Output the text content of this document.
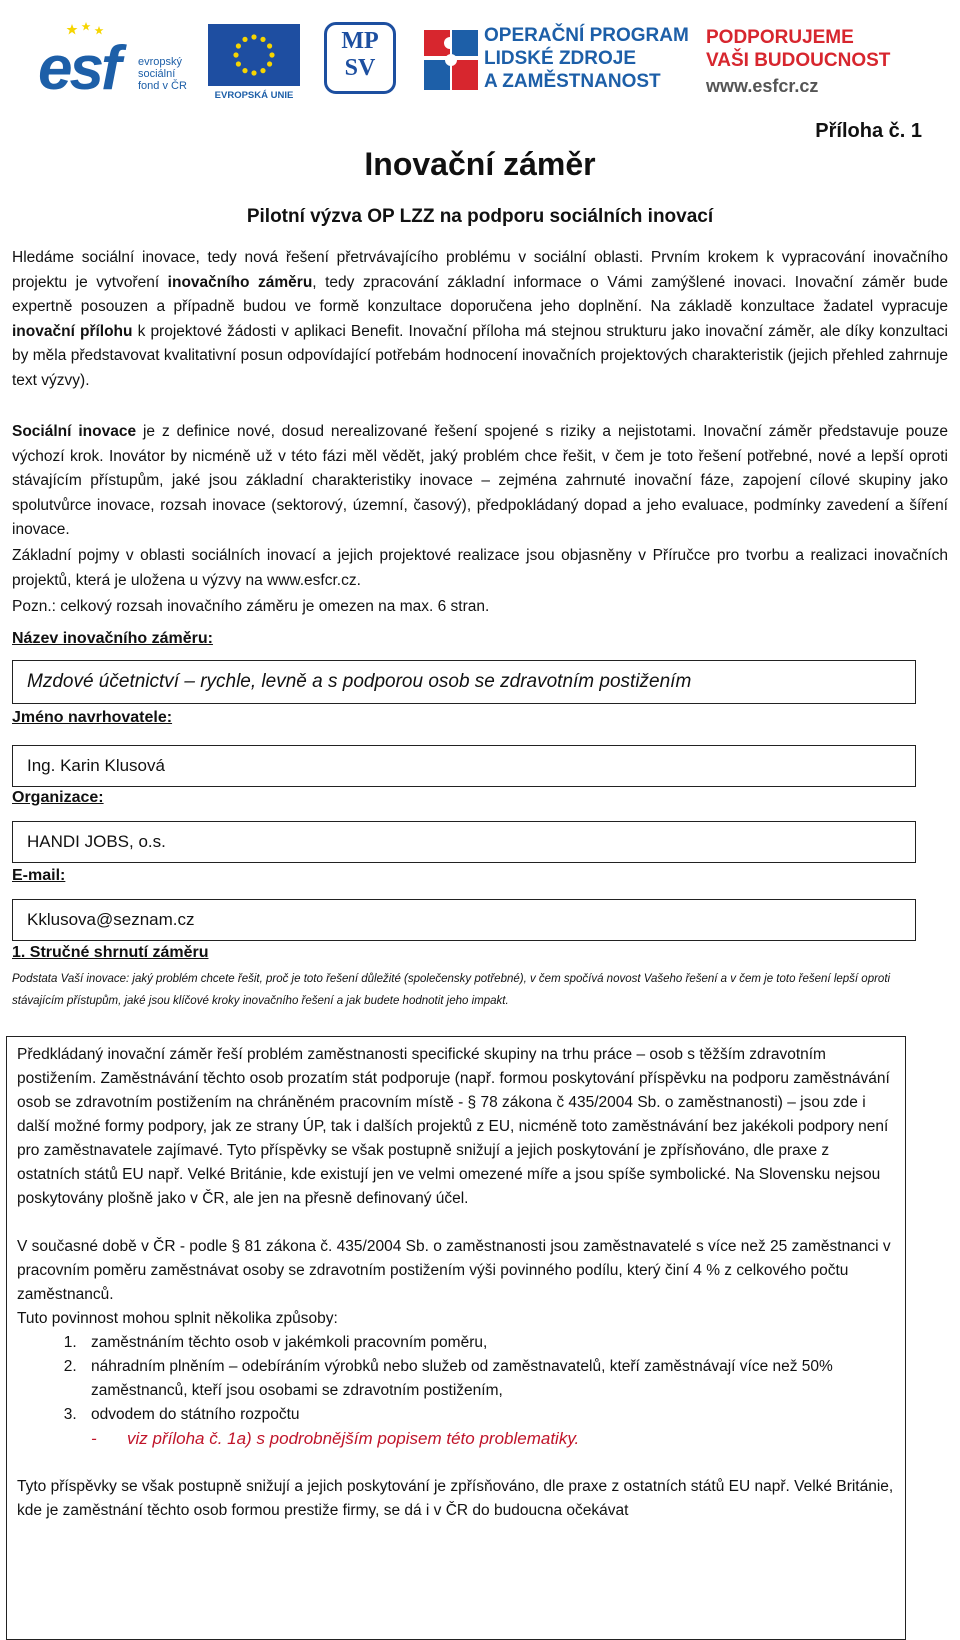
esf evropský
sociální
fond v ČR
EVROPSKÁ UNIE
MP
SV
OPERAČNÍ PROGRAM
LIDSKÉ ZDROJE
A ZAMĚSTNANOST
PODPORUJEME
VAŠI BUDOUCNOST
www.esfcr.cz
Příloha č. 1
Inovační záměr
Pilotní výzva OP LZZ na podporu sociálních inovací

Hledáme sociální inovace, tedy nová řešení přetrvávajícího problému v sociální oblasti. Prvním krokem k vypracování inovačního projektu je vytvoření inovačního záměru, tedy zpracování základní informace o Vámi zamýšlené inovaci. Inovační záměr bude expertně posouzen a případně budou ve formě konzultace doporučena jeho doplnění. Na základě konzultace žadatel vypracuje inovační přílohu k projektové žádosti v aplikaci Benefit. Inovační příloha má stejnou strukturu jako inovační záměr, ale díky konzultaci by měla představovat kvalitativní posun odpovídající potřebám hodnocení inovačních projektových charakteristik (jejich přehled zahrnuje text výzvy).

Sociální inovace je z definice nové, dosud nerealizované řešení spojené s riziky a nejistotami. Inovační záměr představuje pouze výchozí krok. Inovátor by nicméně už v této fázi měl vědět, jaký problém chce řešit, v čem je toto řešení potřebné, nové a lepší oproti stávajícím přístupům, jaké jsou základní charakteristiky inovace – zejména zahrnuté inovační fáze, zapojení cílové skupiny jako spolutvůrce inovace, rozsah inovace (sektorový, územní, časový), předpokládaný dopad a jeho evaluace, podmínky zavedení a šíření inovace.

Základní pojmy v oblasti sociálních inovací a jejich projektové realizace jsou objasněny v Příručce pro tvorbu a realizaci inovačních projektů, která je uložena u výzvy na www.esfcr.cz.

Pozn.: celkový rozsah inovačního záměru je omezen na max. 6 stran.

Název inovačního záměru:
Mzdové účetnictví – rychle, levně a s podporou osob se zdravotním postižením
Jméno navrhovatele:
Ing. Karin Klusová
Organizace:
HANDI JOBS, o.s.
E-mail:
Kklusova@seznam.cz
1. Stručné shrnutí záměru

Podstata Vaší inovace: jaký problém chcete řešit, proč je toto řešení důležité (společensky potřebné), v čem spočívá novost Vašeho řešení a v čem je toto řešení lepší oproti stávajícím přístupům, jaké jsou klíčové kroky inovačního řešení a jak budete hodnotit jeho impakt.

Předkládaný inovační záměr řeší problém zaměstnanosti specifické skupiny na trhu práce – osob s těžším zdravotním postižením. Zaměstnávání těchto osob prozatím stát podporuje (např. formou poskytování příspěvku na podporu zaměstnávání osob se zdravotním postižením na chráněném pracovním místě - § 78 zákona č 435/2004 Sb. o zaměstnanosti) – jsou zde i další možné formy podpory, jak ze strany ÚP, tak i dalších projektů z EU, nicméně toto zaměstnávání bez jakékoli podpory není pro zaměstnavatele zajímavé. Tyto příspěvky se však postupně snižují a jejich poskytování je zpřísňováno, dle praxe z ostatních států EU např. Velké Británie, kde existují jen ve velmi omezené míře a jsou spíše symbolické. Na Slovensku nejsou poskytovány plošně jako v ČR, ale jen na přesně definovaný účel.

V současné době v ČR - podle § 81 zákona č. 435/2004 Sb. o zaměstnanosti jsou zaměstnavatelé s více než 25 zaměstnanci v pracovním poměru zaměstnávat osoby se zdravotním postižením výši povinného podílu, který činí 4 % z celkového počtu zaměstnanců.

Tuto povinnost mohou splnit několika způsoby:

1. zaměstnáním těchto osob v jakémkoli pracovním poměru,
2. náhradním plněním – odebíráním výrobků nebo služeb od zaměstnavatelů, kteří zaměstnávají více než 50% zaměstnanců, kteří jsou osobami se zdravotním postižením,
3. odvodem do státního rozpočtu

- viz příloha č. 1a) s podrobnějším popisem této problematiky.

Tyto příspěvky se však postupně snižují a jejich poskytování je zpřísňováno, dle praxe z ostatních států EU např. Velké Británie, kde je zaměstnání těchto osob formou prestiže firmy, se dá i v ČR do budoucna očekávat
